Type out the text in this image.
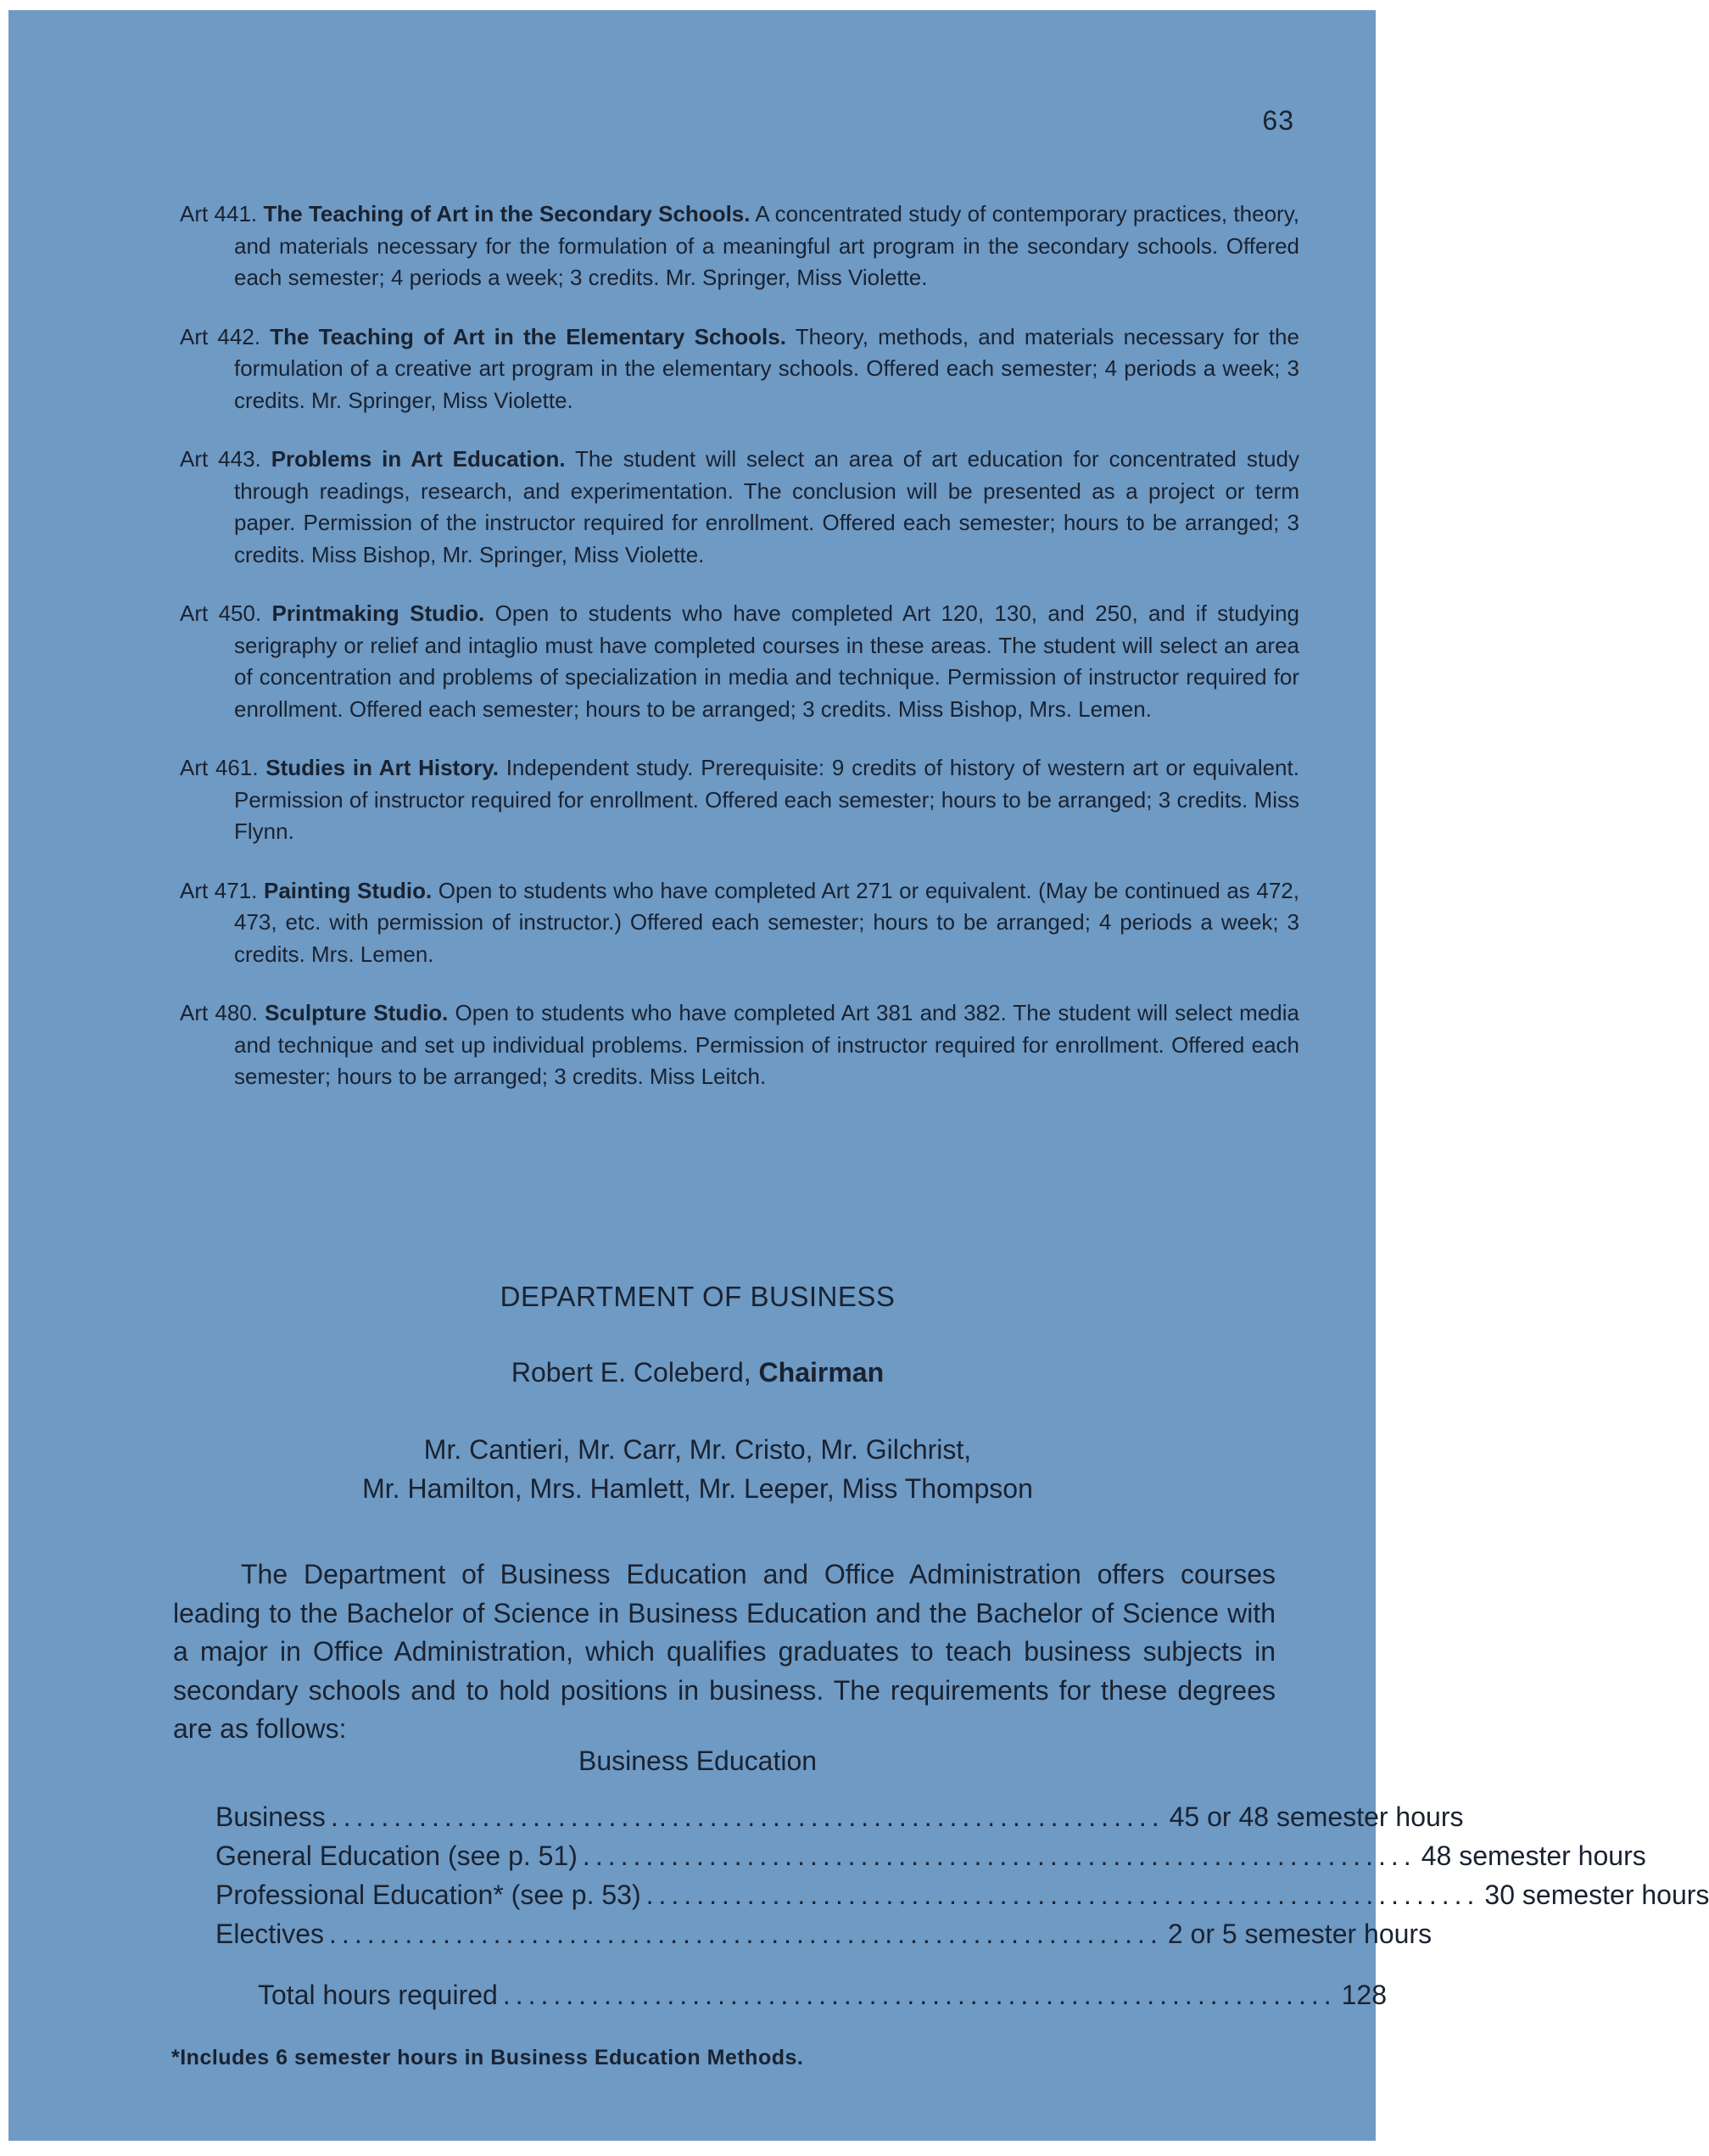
63

Art 441. The Teaching of Art in the Secondary Schools. A concentrated study of contemporary practices, theory, and materials necessary for the formulation of a meaningful art program in the secondary schools. Offered each semester; 4 periods a week; 3 credits. Mr. Springer, Miss Violette.

Art 442. The Teaching of Art in the Elementary Schools. Theory, methods, and materials necessary for the formulation of a creative art program in the elementary schools. Offered each semester; 4 periods a week; 3 credits. Mr. Springer, Miss Violette.

Art 443. Problems in Art Education. The student will select an area of art education for concentrated study through readings, research, and experimentation. The conclusion will be presented as a project or term paper. Permission of the instructor required for enrollment. Offered each semester; hours to be arranged; 3 credits. Miss Bishop, Mr. Springer, Miss Violette.

Art 450. Printmaking Studio. Open to students who have completed Art 120, 130, and 250, and if studying serigraphy or relief and intaglio must have completed courses in these areas. The student will select an area of concentration and problems of specialization in media and technique. Permission of instructor required for enrollment. Offered each semester; hours to be arranged; 3 credits. Miss Bishop, Mrs. Lemen.

Art 461. Studies in Art History. Independent study. Prerequisite: 9 credits of history of western art or equivalent. Permission of instructor required for enrollment. Offered each semester; hours to be arranged; 3 credits. Miss Flynn.

Art 471. Painting Studio. Open to students who have completed Art 271 or equivalent. (May be continued as 472, 473, etc. with permission of instructor.) Offered each semester; hours to be arranged; 4 periods a week; 3 credits. Mrs. Lemen.

Art 480. Sculpture Studio. Open to students who have completed Art 381 and 382. The student will select media and technique and set up individual problems. Permission of instructor required for enrollment. Offered each semester; hours to be arranged; 3 credits. Miss Leitch.

DEPARTMENT OF BUSINESS
Robert E. Coleberd, Chairman
Mr. Cantieri, Mr. Carr, Mr. Cristo, Mr. Gilchrist,
Mr. Hamilton, Mrs. Hamlett, Mr. Leeper, Miss Thompson

The Department of Business Education and Office Administration offers courses leading to the Bachelor of Science in Business Education and the Bachelor of Science with a major in Office Administration, which qualifies graduates to teach business subjects in secondary schools and to hold positions in business. The requirements for these degrees are as follows:

Business Education
Business .................................................................. 45 or 48 semester hours
General Education (see p. 51) .................................................................. 48 semester hours
Professional Education* (see p. 53) .................................................................. 30 semester hours
Electives .................................................................. 2 or 5 semester hours
Total hours required .................................................................. 128
*Includes 6 semester hours in Business Education Methods.
